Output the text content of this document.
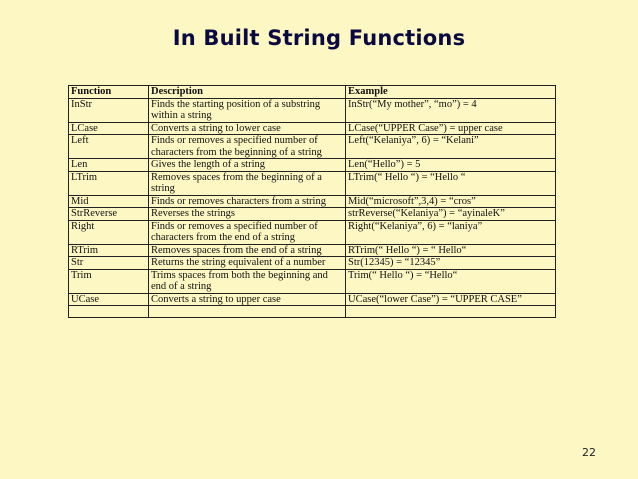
In Built String Functions
Function	Description	Example
InStr	Finds the starting position of a substring within a string	InStr(“My mother”, “mo”) = 4
LCase	Converts a string to lower case	LCase(“UPPER Case”) = upper case
Left	Finds or removes a specified number of characters from the beginning of a string	Left(“Kelaniya”, 6) = “Kelani”
Len	Gives the length of a string	Len(“Hello”) = 5
LTrim	Removes spaces from the beginning of a string	LTrim(“ Hello “) = “Hello “
Mid	Finds or removes characters from a string	Mid(“microsoft”,3,4) = “cros”
StrReverse	Reverses the strings	strReverse(“Kelaniya”) = “ayinaleK”
Right	Finds or removes a specified number of characters from the end of a string	Right(“Kelaniya”, 6) = “laniya”
RTrim	Removes spaces from the end of a string	RTrim(“ Hello “) = “ Hello“
Str	Returns the string equivalent of a number	Str(12345) = “12345”
Trim	Trims spaces from both the beginning and end of a string	Trim(“ Hello “) = “Hello“
UCase	Converts a string to upper case	UCase(“lower Case”) = “UPPER CASE”

22
